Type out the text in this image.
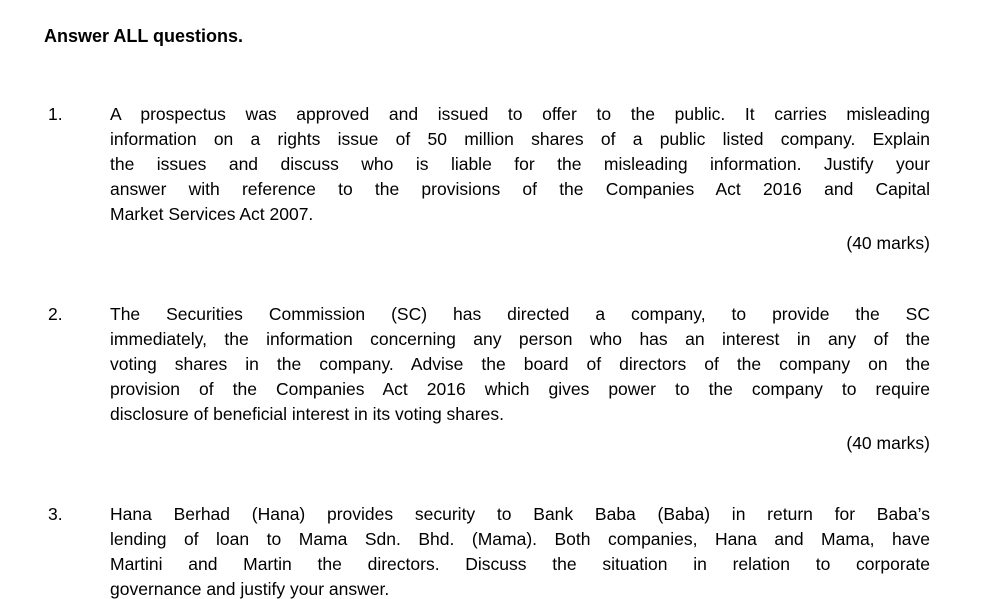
Answer ALL questions.
1.	A prospectus was approved and issued to offer to the public. It carries misleading
information on a rights issue of 50 million shares of a public listed company. Explain
the issues and discuss who is liable for the misleading information. Justify your
answer with reference to the provisions of the Companies Act 2016 and Capital
Market Services Act 2007.
(40 marks)
2.	The Securities Commission (SC) has directed a company, to provide the SC
immediately, the information concerning any person who has an interest in any of the
voting shares in the company. Advise the board of directors of the company on the
provision of the Companies Act 2016 which gives power to the company to require
disclosure of beneficial interest in its voting shares.
(40 marks)
3.	Hana Berhad (Hana) provides security to Bank Baba (Baba) in return for Baba’s
lending of loan to Mama Sdn. Bhd. (Mama). Both companies, Hana and Mama, have
Martini and Martin the directors. Discuss the situation in relation to corporate
governance and justify your answer.
